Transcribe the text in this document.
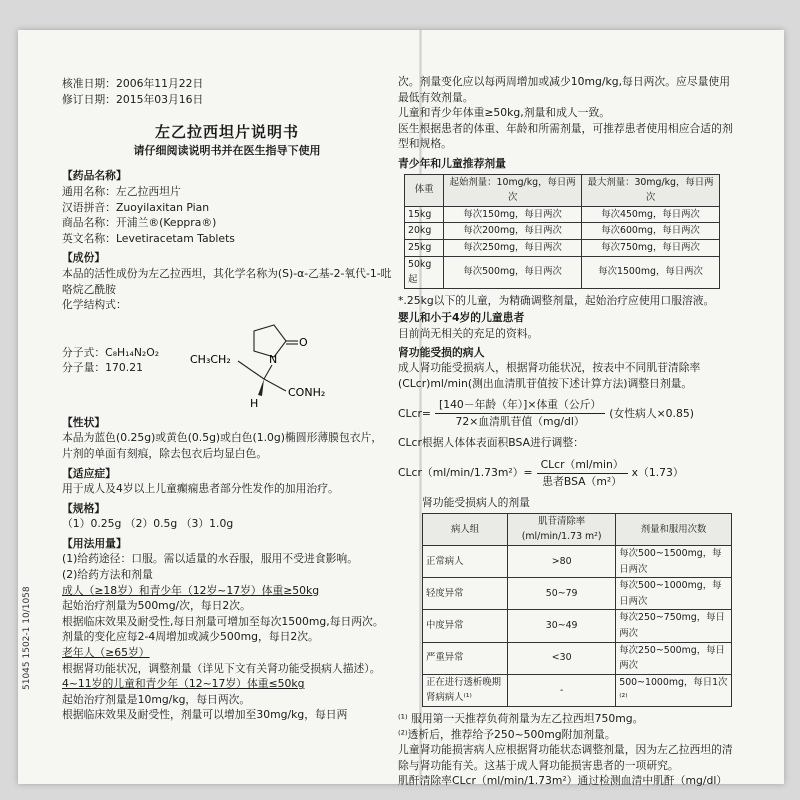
51045 1502-1 10/1058
核准日期：2006年11月22日
修订日期：2015年03月16日
左乙拉西坦片说明书
请仔细阅读说明书并在医生指导下使用
【药品名称】
通用名称：左乙拉西坦片
汉语拼音：Zuoyilaxitan Pian
商品名称：开浦兰®(Keppra®)
英文名称：Levetiracetam Tablets
【成份】
本品的活性成份为左乙拉西坦，其化学名称为(S)-α-乙基-2-氧代-1-吡咯烷乙酰胺
化学结构式：
分子式：C₈H₁₄N₂O₂
分子量：170.21
O
N
CH₃CH₂
H
CONH₂
【性状】
本品为蓝色(0.25g)或黄色(0.5g)或白色(1.0g)椭圆形薄膜包衣片，片剂的单面有刻痕，除去包衣后均显白色。
【适应症】
用于成人及4岁以上儿童癫痫患者部分性发作的加用治疗。
【规格】
（1）0.25g （2）0.5g （3）1.0g
【用法用量】
(1)给药途径：口服。需以适量的水吞服，服用不受进食影响。
(2)给药方法和剂量
成人（≥18岁）和青少年（12岁~17岁）体重≥50kg
起始治疗剂量为500mg/次，每日2次。
根据临床效果及耐受性,每日剂量可增加至每次1500mg,每日两次。剂量的变化应每2-4周增加或减少500mg，每日2次。
老年人（≥65岁）
根据肾功能状况，调整剂量（详见下文有关肾功能受损病人描述）。
4~11岁的儿童和青少年（12~17岁）体重≤50kg
起始治疗剂量是10mg/kg，每日两次。
根据临床效果及耐受性，剂量可以增加至30mg/kg，每日两
次。剂量变化应以每两周增加或减少10mg/kg,每日两次。应尽量使用最低有效剂量。
儿童和青少年体重≥50kg,剂量和成人一致。
医生根据患者的体重、年龄和所需剂量，可推荐患者使用相应合适的剂型和规格。
青少年和儿童推荐剂量
体重	起始剂量：10mg/kg，每日两次	最大剂量：30mg/kg，每日两次
15kg	每次150mg，每日两次	每次450mg，每日两次
20kg	每次200mg，每日两次	每次600mg，每日两次
25kg	每次250mg，每日两次	每次750mg，每日两次
50kg起	每次500mg，每日两次	每次1500mg，每日两次
*.25kg以下的儿童，为精确调整剂量，起始治疗应使用口服溶液。
婴儿和小于4岁的儿童患者
目前尚无相关的充足的资料。
肾功能受损的病人
成人肾功能受损病人，根据肾功能状况，按表中不同肌苷清除率(CLcr)ml/min(测出血清肌苷值按下述计算方法)调整日剂量。
CLcr= $\frac{\text{[140－年龄（年）]×体重（公斤）}}{\text{72×血清肌苷值（mg/dl）}}$ (女性病人×0.85)
CLcr根据人体体表面积BSA进行调整：
CLcr（ml/min/1.73m²）= $\frac{\text{CLcr（ml/min）}}{\text{患者BSA（m²）}} x(1.73)$
肾功能受损病人的剂量
病人组	肌苷清除率(ml/min/1.73 m²)	剂量和服用次数
正常病人	>80	每次500~1500mg，每日两次
轻度异常	50~79	每次500~1000mg，每日两次
中度异常	30~49	每次250~750mg，每日两次
严重异常	<30	每次250~500mg，每日两次
正在进行透析晚期肾病病人⁽¹⁾	-	500~1000mg，每日1次⁽²⁾
⁽¹⁾ 服用第一天推荐负荷剂量为左乙拉西坦750mg。
⁽²⁾透析后，推荐给予250~500mg附加剂量。
儿童肾功能损害病人应根据肾功能状态调整剂量，因为左乙拉西坦的清除与肾功能有关。这基于成人肾功能损害患者的一项研究。
肌酐清除率CLcr（ml/min/1.73m²）通过检测血清中肌酐（mg/dl）
